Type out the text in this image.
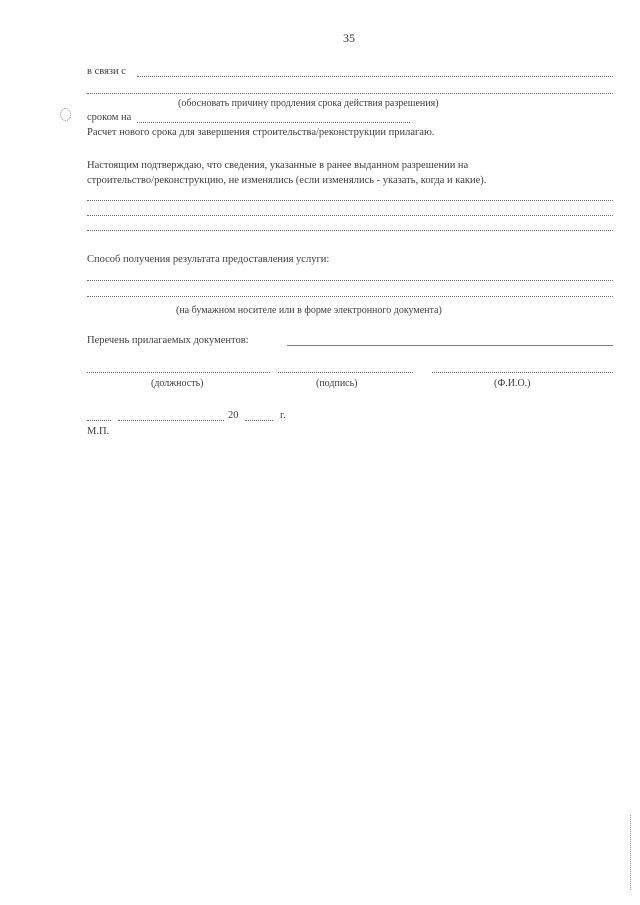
35
в связи с
(обосновать причину продления срока действия разрешения)
сроком на
Расчет нового срока для завершения строительства/реконструкции прилагаю.
Настоящим подтверждаю, что сведения, указанные в ранее выданном разрешении на
строительство/реконструкцию, не изменялись (если изменялись - указать, когда и какие).
Способ получения результата предоставления услуги:
(на бумажном носителе или в форме электронного документа)
Перечень прилагаемых документов:
(должность)	(подпись)	(Ф.И.О.)
20	г.
М.П.
